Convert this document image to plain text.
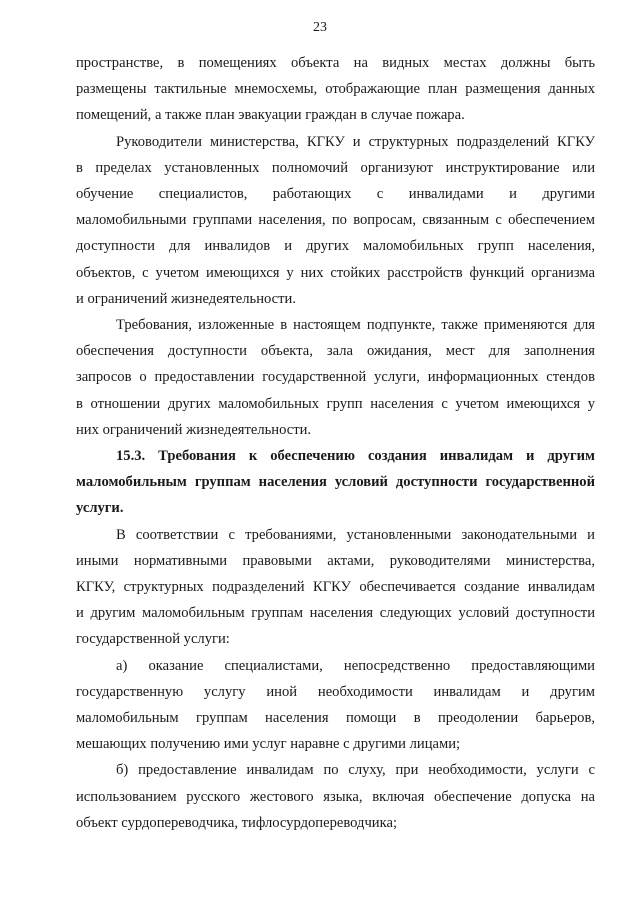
23

пространстве, в помещениях объекта на видных местах должны быть
размещены тактильные мнемосхемы, отображающие план размещения данных
помещений, а также план эвакуации граждан в случае пожара.

Руководители министерства, КГКУ и структурных подразделений КГКУ
в пределах установленных полномочий организуют инструктирование или
обучение специалистов, работающих с инвалидами и другими
маломобильными группами населения, по вопросам, связанным с обеспечением
доступности для инвалидов и других маломобильных групп населения,
объектов, с учетом имеющихся у них стойких расстройств функций организма
и ограничений жизнедеятельности.

Требования, изложенные в настоящем подпункте, также применяются для
обеспечения доступности объекта, зала ожидания, мест для заполнения
запросов о предоставлении государственной услуги, информационных стендов
в отношении других маломобильных групп населения с учетом имеющихся у
них ограничений жизнедеятельности.

15.3. Требования к обеспечению создания инвалидам и другим
маломобильным группам населения условий доступности государственной
услуги.

В соответствии с требованиями, установленными законодательными и
иными нормативными правовыми актами, руководителями министерства,
КГКУ, структурных подразделений КГКУ обеспечивается создание инвалидам
и другим маломобильным группам населения следующих условий доступности
государственной услуги:

а) оказание специалистами, непосредственно предоставляющими
государственную услугу иной необходимости инвалидам и другим
маломобильным группам населения помощи в преодолении барьеров,
мешающих получению ими услуг наравне с другими лицами;

б) предоставление инвалидам по слуху, при необходимости, услуги с
использованием русского жестового языка, включая обеспечение допуска на
объект сурдопереводчика, тифлосурдопереводчика;
